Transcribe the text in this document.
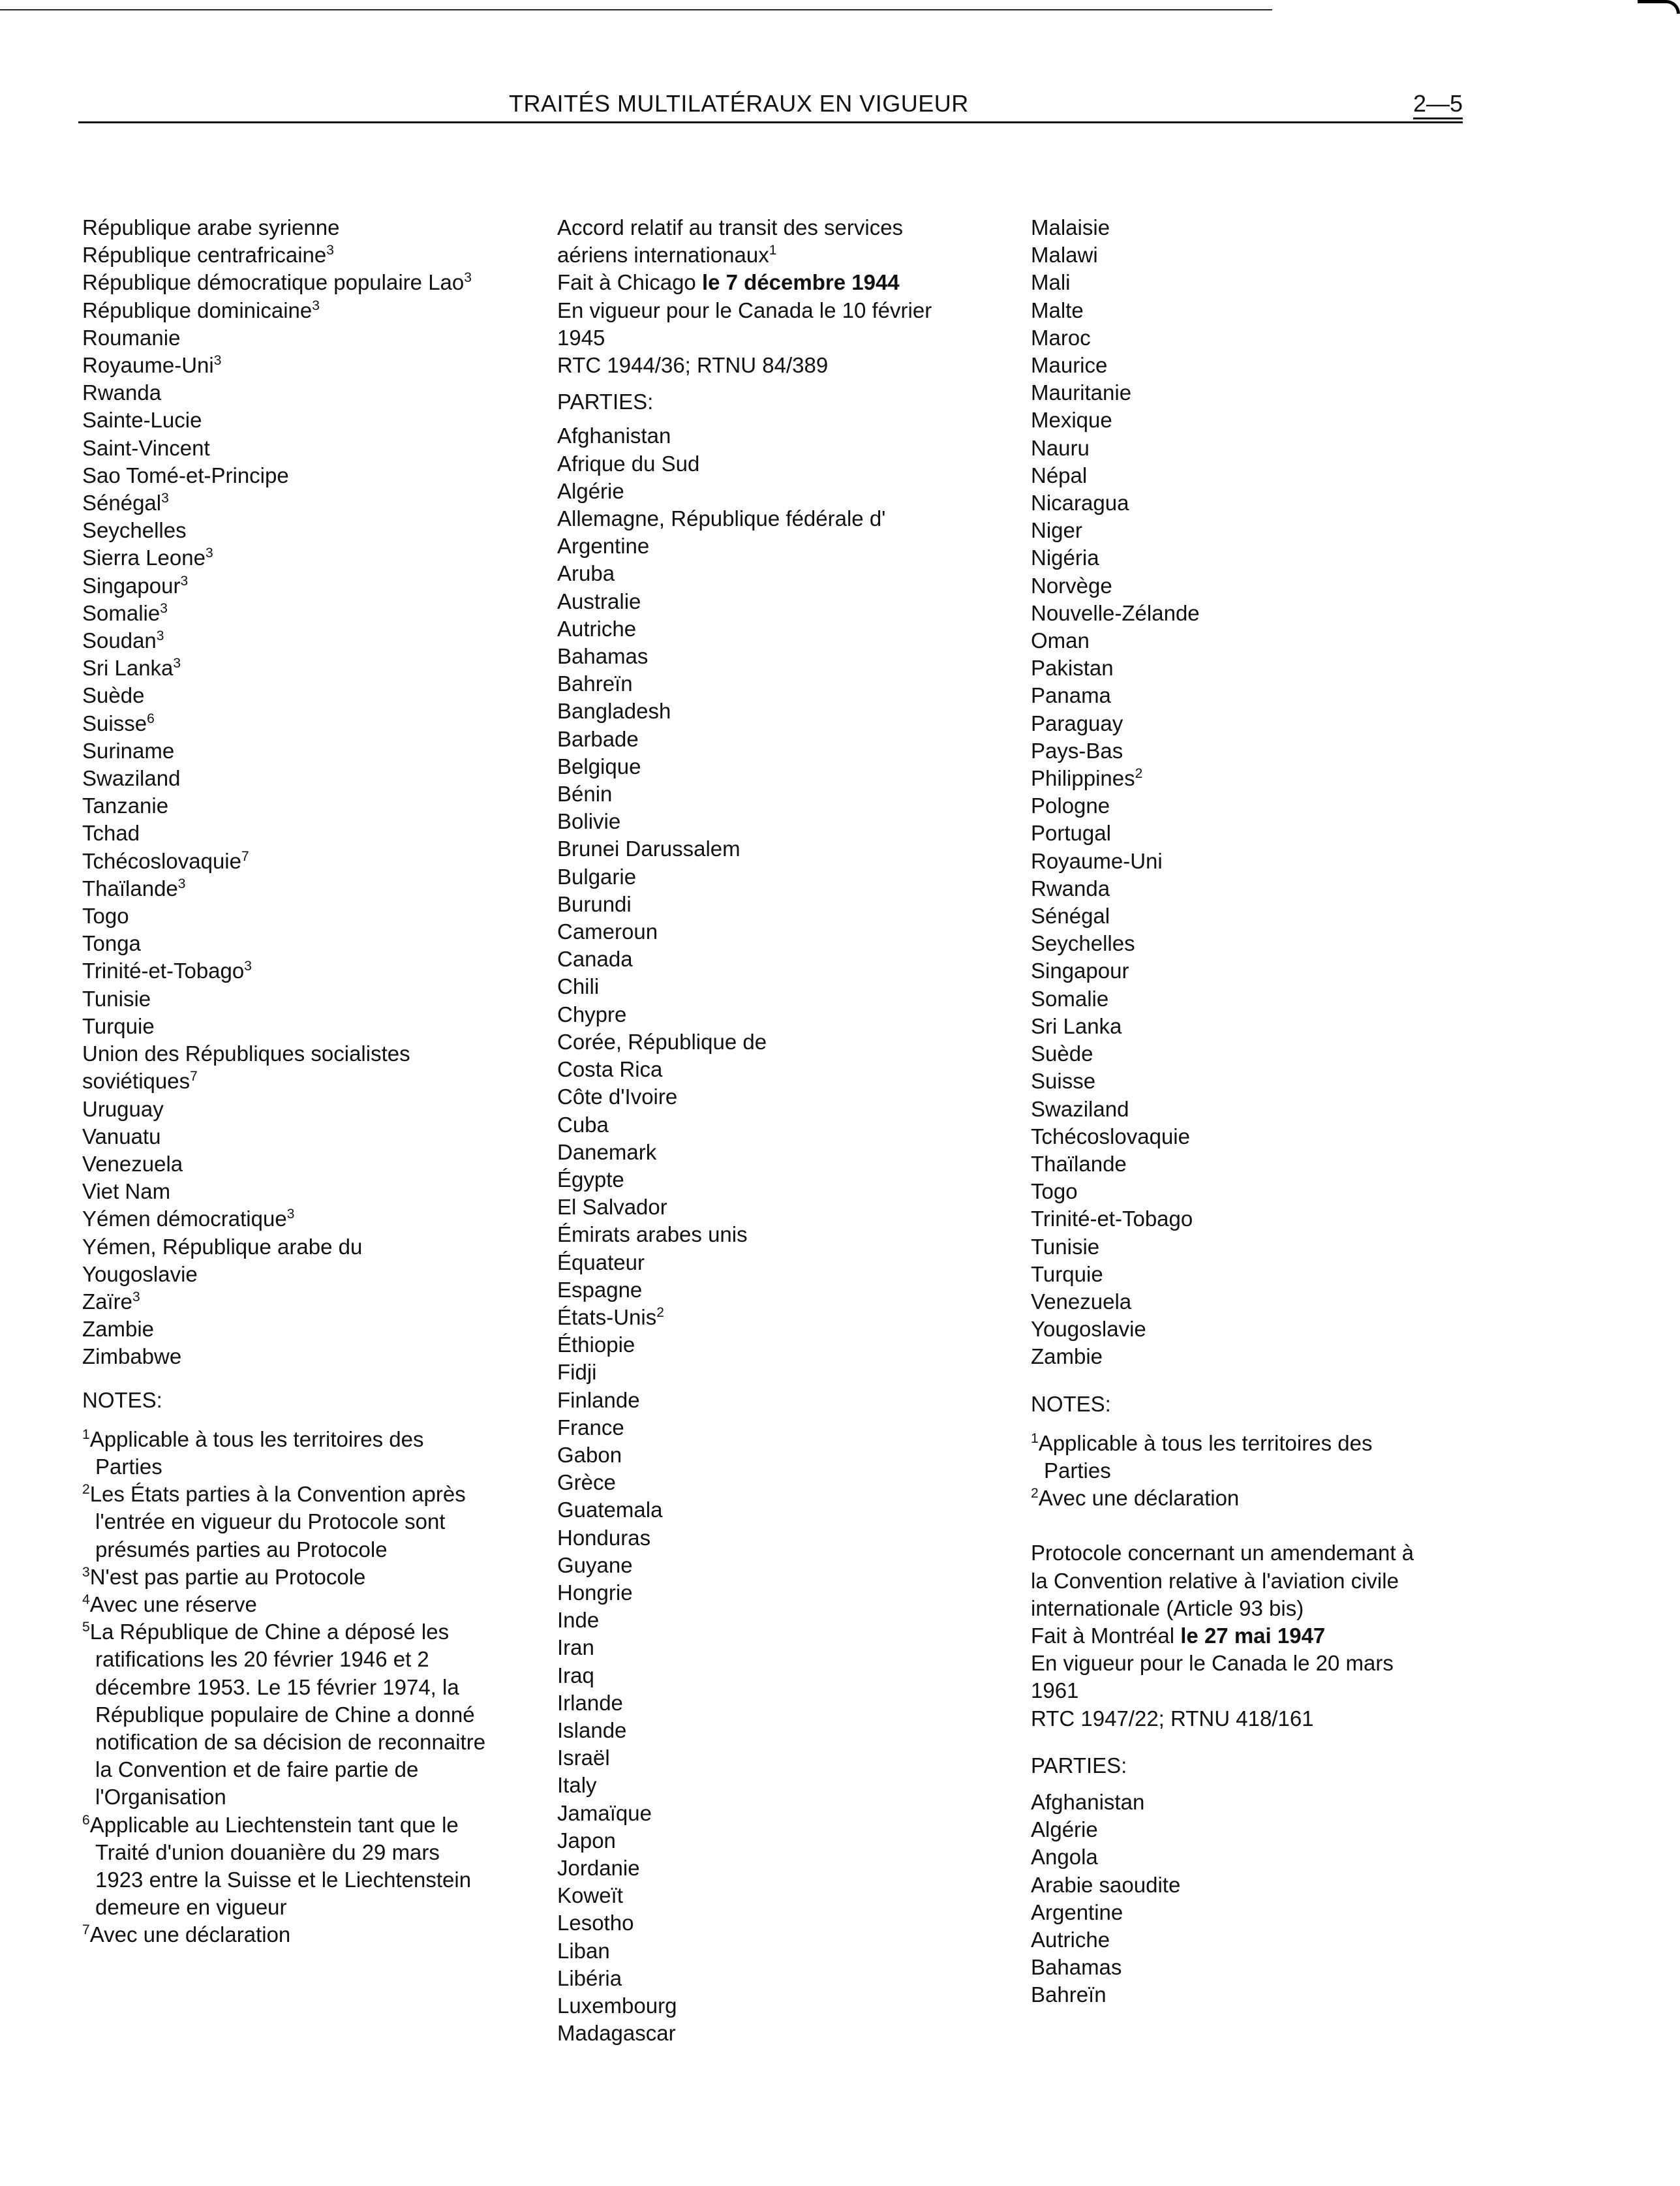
TRAITÉS MULTILATÉRAUX EN VIGUEUR	2—5
République arabe syrienne
République centrafricaine$^3$
République démocratique populaire Lao$^3$
République dominicaine$^3$
Roumanie
Royaume-Uni$^3$
Rwanda
Sainte-Lucie
Saint-Vincent
Sao Tomé-et-Principe
Sénégal$^3$
Seychelles
Sierra Leone$^3$
Singapour$^3$
Somalie$^3$
Soudan$^3$
Sri Lanka$^3$
Suède
Suisse$^6$
Suriname
Swaziland
Tanzanie
Tchad
Tchécoslovaquie$^7$
Thaïlande$^3$
Togo
Tonga
Trinité-et-Tobago$^3$
Tunisie
Turquie
Union des Républiques socialistes
soviétiques$^7$
Uruguay
Vanuatu
Venezuela
Viet Nam
Yémen démocratique$^3$
Yémen, République arabe du
Yougoslavie
Zaïre$^3$
Zambie
Zimbabwe
NOTES:
$^1$Applicable à tous les territoires des
Parties
$^2$Les États parties à la Convention après
l'entrée en vigueur du Protocole sont
présumés parties au Protocole
$^3$N'est pas partie au Protocole
$^4$Avec une réserve
$^5$La République de Chine a déposé les
ratifications les 20 février 1946 et 2
décembre 1953. Le 15 février 1974, la
République populaire de Chine a donné
notification de sa décision de reconnaitre
la Convention et de faire partie de
l'Organisation
$^6$Applicable au Liechtenstein tant que le
Traité d'union douanière du 29 mars
1923 entre la Suisse et le Liechtenstein
demeure en vigueur
$^7$Avec une déclaration
Accord relatif au transit des services
aériens internationaux$^1$
Fait à Chicago le 7 décembre 1944
En vigueur pour le Canada le 10 février
1945
RTC 1944/36; RTNU 84/389
PARTIES:
Afghanistan
Afrique du Sud
Algérie
Allemagne, République fédérale d'
Argentine
Aruba
Australie
Autriche
Bahamas
Bahreïn
Bangladesh
Barbade
Belgique
Bénin
Bolivie
Brunei Darussalem
Bulgarie
Burundi
Cameroun
Canada
Chili
Chypre
Corée, République de
Costa Rica
Côte d'Ivoire
Cuba
Danemark
Égypte
El Salvador
Émirats arabes unis
Équateur
Espagne
États-Unis$^2$
Éthiopie
Fidji
Finlande
France
Gabon
Grèce
Guatemala
Honduras
Guyane
Hongrie
Inde
Iran
Iraq
Irlande
Islande
Israël
Italy
Jamaïque
Japon
Jordanie
Koweït
Lesotho
Liban
Libéria
Luxembourg
Madagascar
Malaisie
Malawi
Mali
Malte
Maroc
Maurice
Mauritanie
Mexique
Nauru
Népal
Nicaragua
Niger
Nigéria
Norvège
Nouvelle-Zélande
Oman
Pakistan
Panama
Paraguay
Pays-Bas
Philippines$^2$
Pologne
Portugal
Royaume-Uni
Rwanda
Sénégal
Seychelles
Singapour
Somalie
Sri Lanka
Suède
Suisse
Swaziland
Tchécoslovaquie
Thaïlande
Togo
Trinité-et-Tobago
Tunisie
Turquie
Venezuela
Yougoslavie
Zambie
NOTES:
$^1$Applicable à tous les territoires des
Parties
$^2$Avec une déclaration
Protocole concernant un amendemant à
la Convention relative à l'aviation civile
internationale (Article 93 bis)
Fait à Montréal le 27 mai 1947
En vigueur pour le Canada le 20 mars
1961
RTC 1947/22; RTNU 418/161
PARTIES:
Afghanistan
Algérie
Angola
Arabie saoudite
Argentine
Autriche
Bahamas
Bahreïn
